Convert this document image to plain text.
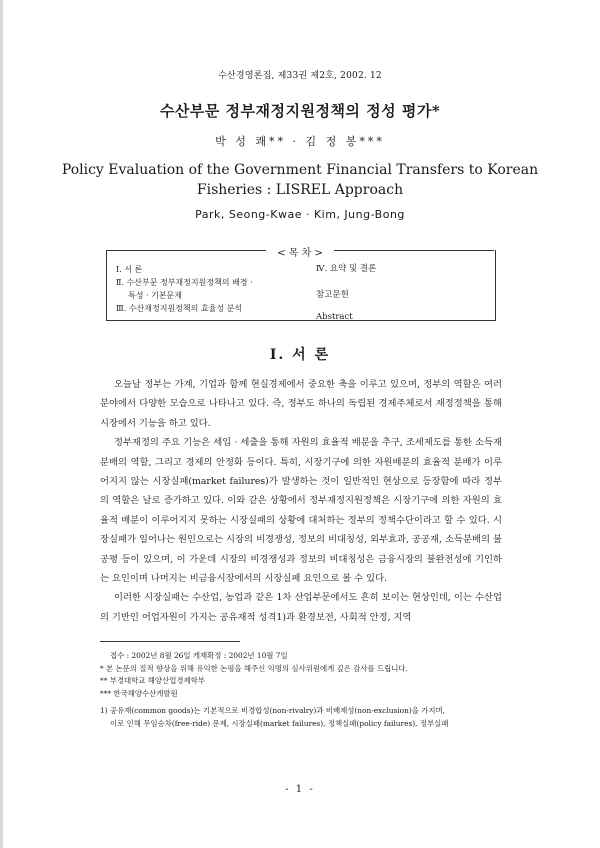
수산경영론집, 제33권 제2호, 2002. 12
수산부문 정부재정지원정책의 정성 평가*
박 성 쾌** · 김 정 봉***
Policy Evaluation of the Government Financial Transfers to Korean
Fisheries : LISREL Approach
Park, Seong-Kwae · Kim, Jung-Bong
< 목 차 >
Ⅰ. 서 론
Ⅱ. 수산부문 정부재정지원정책의 배경 ·
특성 · 기본문제
Ⅲ. 수산재정지원정책의 효율성 분석
Ⅳ. 요약 및 결론
참고문헌
Abstract
Ⅰ. 서 론

오늘날 정부는 가계, 기업과 함께 현실경제에서 중요한 축을 이루고 있으며, 정부의 역할은 여러 분야에서 다양한 모습으로 나타나고 있다. 즉, 정부도 하나의 독립된 경제주체로서 재정정책을 통해 시장에서 기능을 하고 있다.

정부재정의 주요 기능은 세입 · 세출을 통해 자원의 효율적 배분을 추구, 조세제도를 통한 소득재분배의 역할, 그리고 경제의 안정화 등이다. 특히, 시장기구에 의한 자원배분의 효율적 분배가 이루어지지 않는 시장실패(market failures)가 발생하는 것이 일반적인 현상으로 등장함에 따라 정부의 역할은 날로 증가하고 있다. 이와 같은 상황에서 정부재정지원정책은 시장기구에 의한 자원의 효율적 배분이 이루어지지 못하는 시장실패의 상황에 대처하는 정부의 정책수단이라고 할 수 있다. 시장실패가 일어나는 원인으로는 시장의 비경쟁성, 정보의 비대칭성, 외부효과, 공공재, 소득분배의 불공평 등이 있으며, 이 가운데 시장의 비경쟁성과 정보의 비대칭성은 금융시장의 불완전성에 기인하는 요인이며 나머지는 비금융시장에서의 시장실패 요인으로 볼 수 있다.

이러한 시장실패는 수산업, 농업과 같은 1차 산업부문에서도 흔히 보이는 현상인데, 이는 수산업의 기반인 어업자원이 가지는 공유재적 성격1)과 환경보전, 사회적 안정, 지역

접수 : 2002년 8월 26일 게재확정 : 2002년 10월 7일
* 본 논문의 질적 향상을 위해 유익한 논평을 해주신 익명의 심사위원에게 깊은 감사를 드립니다.
** 부경대학교 해양산업경제학부
*** 한국해양수산개발원
1) 공유재(common goods)는 기본적으로 비경합성(non-rivalry)과 비배제성(non-exclusion)을 가지며,
이로 인해 무임승차(free-ride) 문제, 시장실패(market failures), 정책실패(policy failures), 정부실패
- 1 -
